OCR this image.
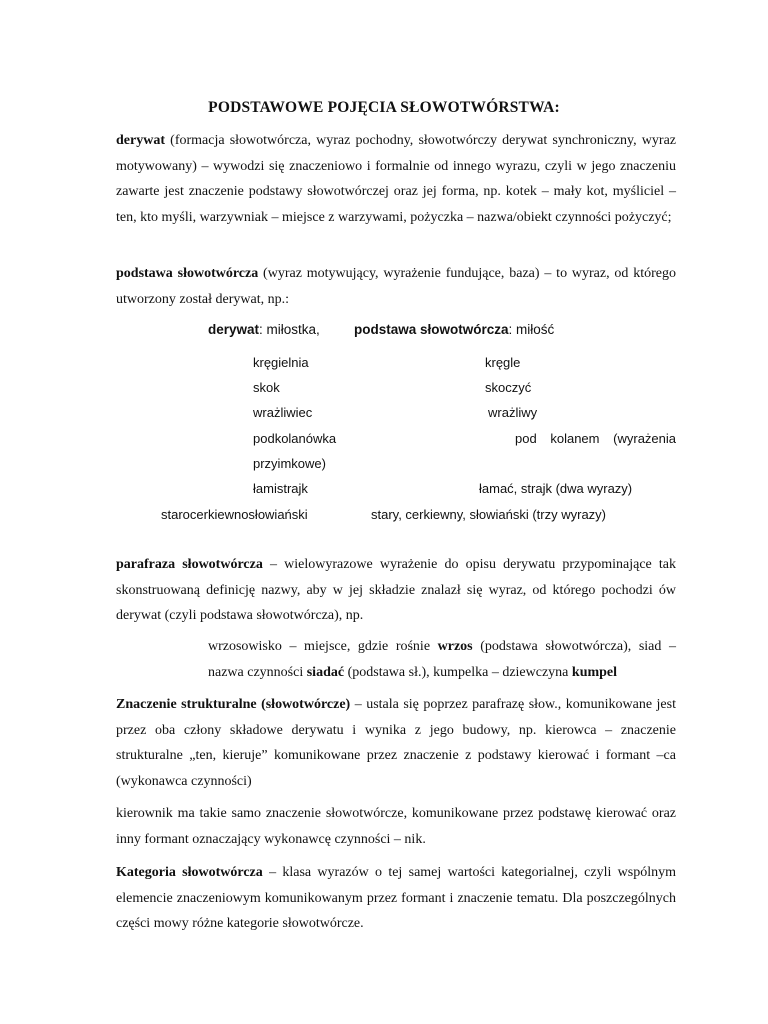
PODSTAWOWE POJĘCIA SŁOWOTWÓRSTWA:
derywat (formacja słowotwórcza, wyraz pochodny, słowotwórczy derywat synchroniczny, wyraz motywowany) – wywodzi się znaczeniowo i formalnie od innego wyrazu, czyli w jego znaczeniu zawarte jest znaczenie podstawy słowotwórczej oraz jej forma, np. kotek – mały kot, myśliciel – ten, kto myśli, warzywniak – miejsce z warzywami, pożyczka – nazwa/obiekt czynności pożyczyć;
podstawa słowotwórcza (wyraz motywujący, wyrażenie fundujące, baza) – to wyraz, od którego utworzony został derywat, np.:
derywat: miłostka,	podstawa słowotwórcza: miłość
kręgielnia	kręgle
skok	skoczyć
wrażliwiec	wrażliwy
podkolanówka	pod kolanem (wyrażenia
przyimkowe)
łamistrajk	łamać, strajk (dwa wyrazy)
starocerkiewnosłowiański	stary, cerkiewny, słowiański (trzy wyrazy)
parafraza słowotwórcza – wielowyrazowe wyrażenie do opisu derywatu przypominające tak skonstruowaną definicję nazwy, aby w jej składzie znalazł się wyraz, od którego pochodzi ów derywat (czyli podstawa słowotwórcza), np.
wrzosowisko – miejsce, gdzie rośnie wrzos (podstawa słowotwórcza), siad – nazwa czynności siadać (podstawa sł.), kumpelka – dziewczyna kumpel
Znaczenie strukturalne (słowotwórcze) – ustala się poprzez parafrazę słow., komunikowane jest przez oba człony składowe derywatu i wynika z jego budowy, np. kierowca – znaczenie strukturalne „ten, kieruje” komunikowane przez znaczenie z podstawy kierować i formant –ca (wykonawca czynności)
kierownik ma takie samo znaczenie słowotwórcze, komunikowane przez podstawę kierować oraz inny formant oznaczający wykonawcę czynności – nik.
Kategoria słowotwórcza – klasa wyrazów o tej samej wartości kategorialnej, czyli wspólnym elemencie znaczeniowym komunikowanym przez formant i znaczenie tematu. Dla poszczególnych części mowy różne kategorie słowotwórcze.
